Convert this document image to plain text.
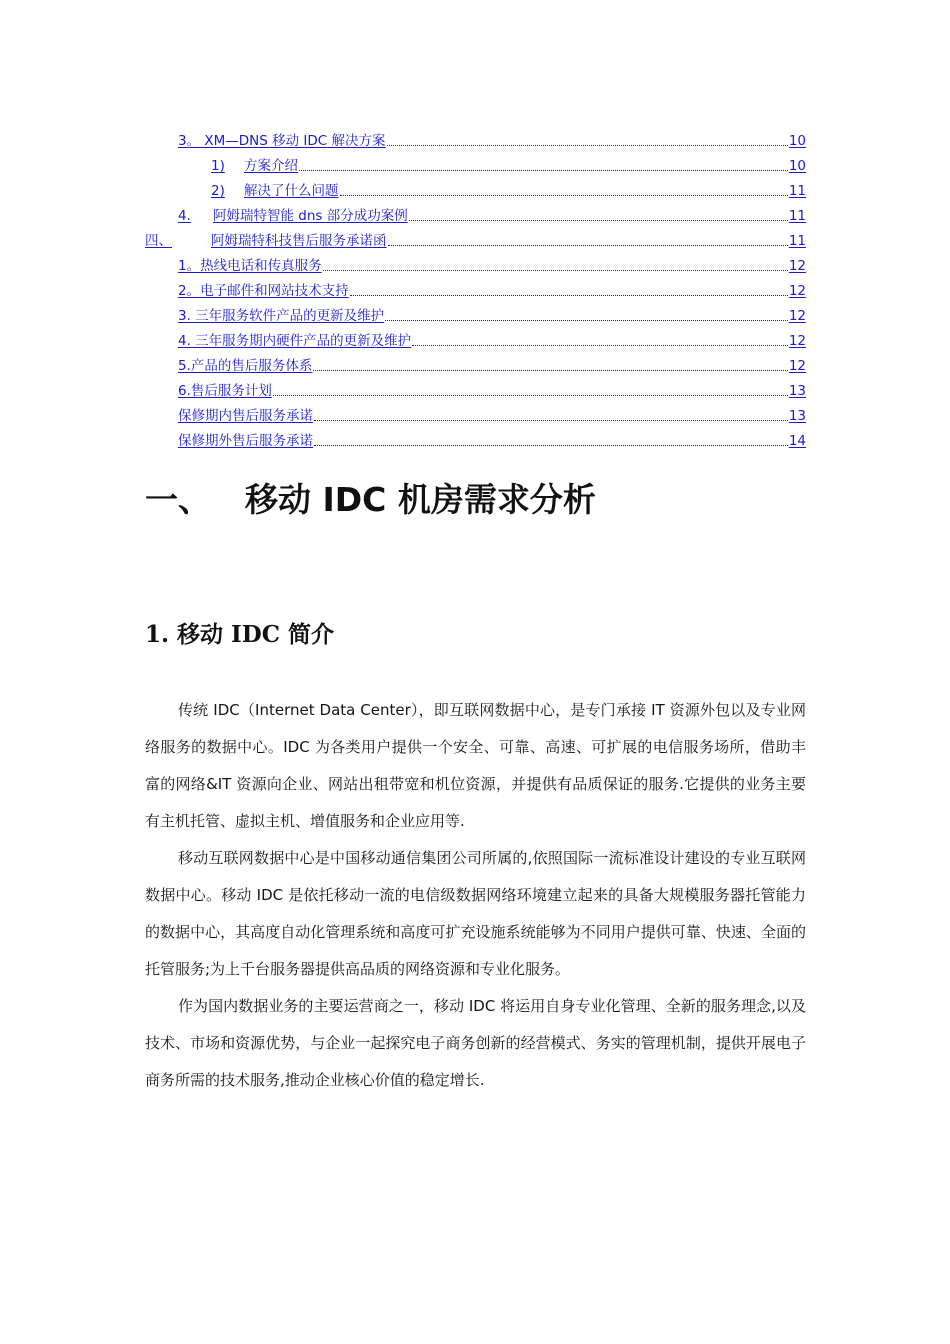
3。 XM—DNS 移动 IDC 解决方案	10
1)	方案介绍	10
2)	解决了什么问题	11
4.	阿姆瑞特智能 dns 部分成功案例	11
四、	阿姆瑞特科技售后服务承诺函	11
1。热线电话和传真服务	12
2。电子邮件和网站技术支持	12
3. 三年服务软件产品的更新及维护	12
4. 三年服务期内硬件产品的更新及维护	12
5.产品的售后服务体系	12
6.售后服务计划	13
保修期内售后服务承诺	13
保修期外售后服务承诺	14
一、 移动 IDC 机房需求分析
1. 移动 IDC 简介

传统 IDC（Internet Data Center），即互联网数据中心，是专门承接 IT 资源外包以及专业网络服务的数据中心。IDC 为各类用户提供一个安全、可靠、高速、可扩展的电信服务场所，借助丰富的网络&IT 资源向企业、网站出租带宽和机位资源，并提供有品质保证的服务.它提供的业务主要有主机托管、虚拟主机、增值服务和企业应用等.

移动互联网数据中心是中国移动通信集团公司所属的,依照国际一流标准设计建设的专业互联网数据中心。移动 IDC 是依托移动一流的电信级数据网络环境建立起来的具备大规模服务器托管能力的数据中心，其高度自动化管理系统和高度可扩充设施系统能够为不同用户提供可靠、快速、全面的托管服务;为上千台服务器提供高品质的网络资源和专业化服务。

作为国内数据业务的主要运营商之一，移动 IDC 将运用自身专业化管理、全新的服务理念,以及技术、市场和资源优势，与企业一起探究电子商务创新的经营模式、务实的管理机制，提供开展电子商务所需的技术服务,推动企业核心价值的稳定增长.
